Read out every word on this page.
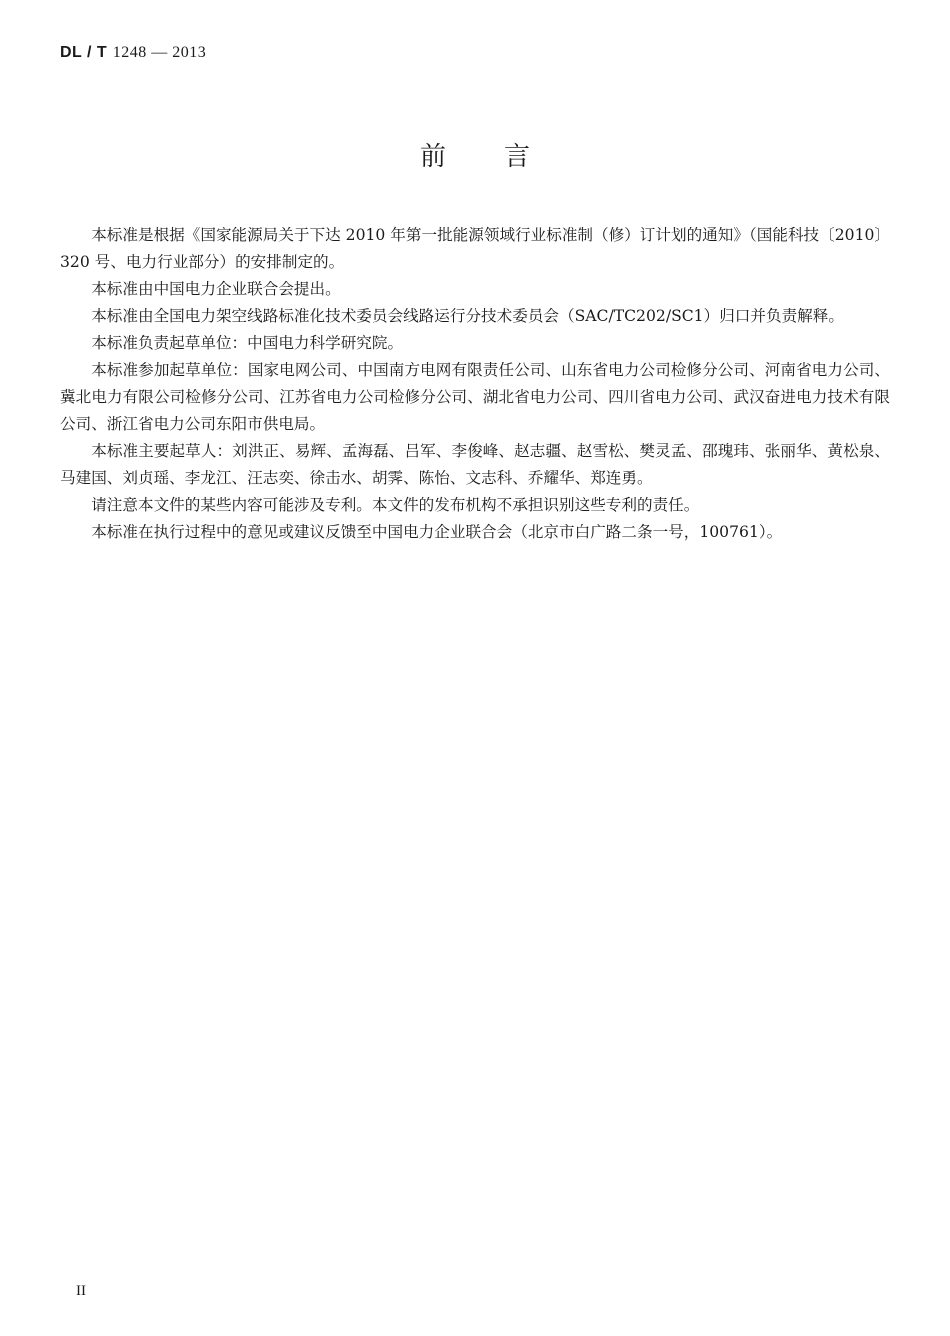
DL / T 1248 — 2013
前言

本标准是根据《国家能源局关于下达 2010 年第一批能源领域行业标准制（修）订计划的通知》（国能科技〔2010〕320 号、电力行业部分）的安排制定的。

本标准由中国电力企业联合会提出。

本标准由全国电力架空线路标准化技术委员会线路运行分技术委员会（SAC/TC202/SC1）归口并负责解释。

本标准负责起草单位：中国电力科学研究院。

本标准参加起草单位：国家电网公司、中国南方电网有限责任公司、山东省电力公司检修分公司、河南省电力公司、冀北电力有限公司检修分公司、江苏省电力公司检修分公司、湖北省电力公司、四川省电力公司、武汉奋进电力技术有限公司、浙江省电力公司东阳市供电局。

本标准主要起草人：刘洪正、易辉、孟海磊、吕军、李俊峰、赵志疆、赵雪松、樊灵孟、邵瑰玮、张丽华、黄松泉、马建国、刘贞瑶、李龙江、汪志奕、徐击水、胡霁、陈怡、文志科、乔耀华、郑连勇。

请注意本文件的某些内容可能涉及专利。本文件的发布机构不承担识别这些专利的责任。

本标准在执行过程中的意见或建议反馈至中国电力企业联合会（北京市白广路二条一号，100761）。

II
